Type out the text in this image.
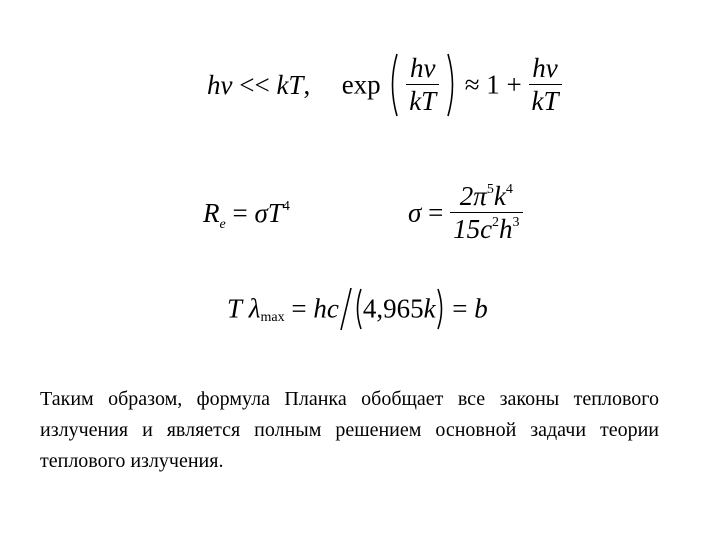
hν << kT, $\exp \frac{h\nu}{kT} \approx 1 + \frac{h\nu}{kT}$
$R_e = \sigma T^4$	$\sigma = \frac{2\pi^5k^4}{15c^2h^3}$
T $\lambda_{max}$ = hc 4,965k = b
Таким образом, формула Планка обобщает все законы теплового излучения и является полным решением основной задачи теории теплового излучения.
